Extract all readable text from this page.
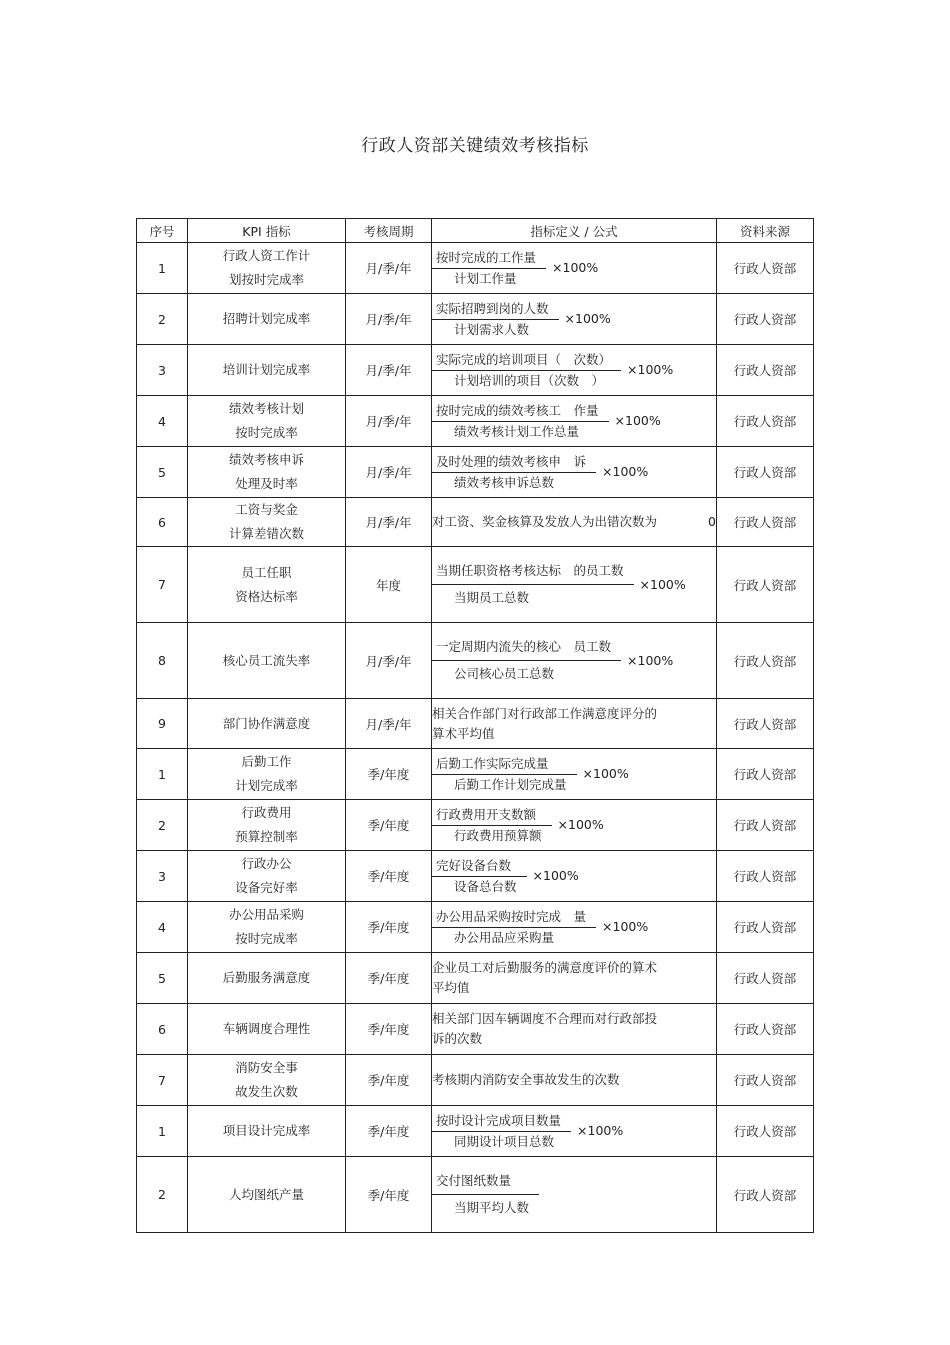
行政人资部关键绩效考核指标
序号	KPI 指标	考核周期	指标定义 / 公式	资料来源
1	行政人资工作计
划按时完成率	月/季/年	$\frac{\text{按时完成的工作量}}{\text{计划工作量}} \times 100\%$	行政人资部
2	招聘计划完成率	月/季/年	$\frac{\text{实际招聘到岗的人数}}{\text{计划需求人数}} \times 100\%$	行政人资部
3	培训计划完成率	月/季/年	$\frac{\text{实际完成的培训项目（　次数）}}{\text{计划培训的项目（次数　）}} \times 100\%$	行政人资部
4	绩效考核计划
按时完成率	月/季/年	$\frac{\text{按时完成的绩效考核工　作量}}{\text{绩效考核计划工作总量}} \times 100\%$	行政人资部
5	绩效考核申诉
处理及时率	月/季/年	$\frac{\text{及时处理的绩效考核申　诉}}{\text{绩效考核申诉总数}} \times 100\%$	行政人资部
6	工资与奖金
计算差错次数	月/季/年	对工资、奖金核算及发放人为出错次数为 0	行政人资部
7	员工任职
资格达标率	年度	$\frac{\text{当期任职资格考核达标　的员工数}}{\text{当期员工总数}} \times 100\%$	行政人资部
8	核心员工流失率	月/季/年	$\frac{\text{一定周期内流失的核心　员工数}}{\text{公司核心员工总数}} \times 100\%$	行政人资部
9	部门协作满意度	月/季/年	相关合作部门对行政部工作满意度评分的
算术平均值	行政人资部
1	后勤工作
计划完成率	季/年度	$\frac{\text{后勤工作实际完成量}}{\text{后勤工作计划完成量}} \times 100\%$	行政人资部
2	行政费用
预算控制率	季/年度	$\frac{\text{行政费用开支数额}}{\text{行政费用预算额}} \times 100\%$	行政人资部
3	行政办公
设备完好率	季/年度	$\frac{\text{完好设备台数}}{\text{设备总台数}} \times 100\%$	行政人资部
4	办公用品采购
按时完成率	季/年度	$\frac{\text{办公用品采购按时完成　量}}{\text{办公用品应采购量}} \times 100\%$	行政人资部
5	后勤服务满意度	季/年度	企业员工对后勤服务的满意度评价的算术
平均值	行政人资部
6	车辆调度合理性	季/年度	相关部门因车辆调度不合理而对行政部投
诉的次数	行政人资部
7	消防安全事
故发生次数	季/年度	考核期内消防安全事故发生的次数	行政人资部
1	项目设计完成率	季/年度	$\frac{\text{按时设计完成项目数量}}{\text{同期设计项目总数}} \times 100\%$	行政人资部
2	人均图纸产量	季/年度	$\frac{\text{交付图纸数量}}{\text{当期平均人数}}$	行政人资部
